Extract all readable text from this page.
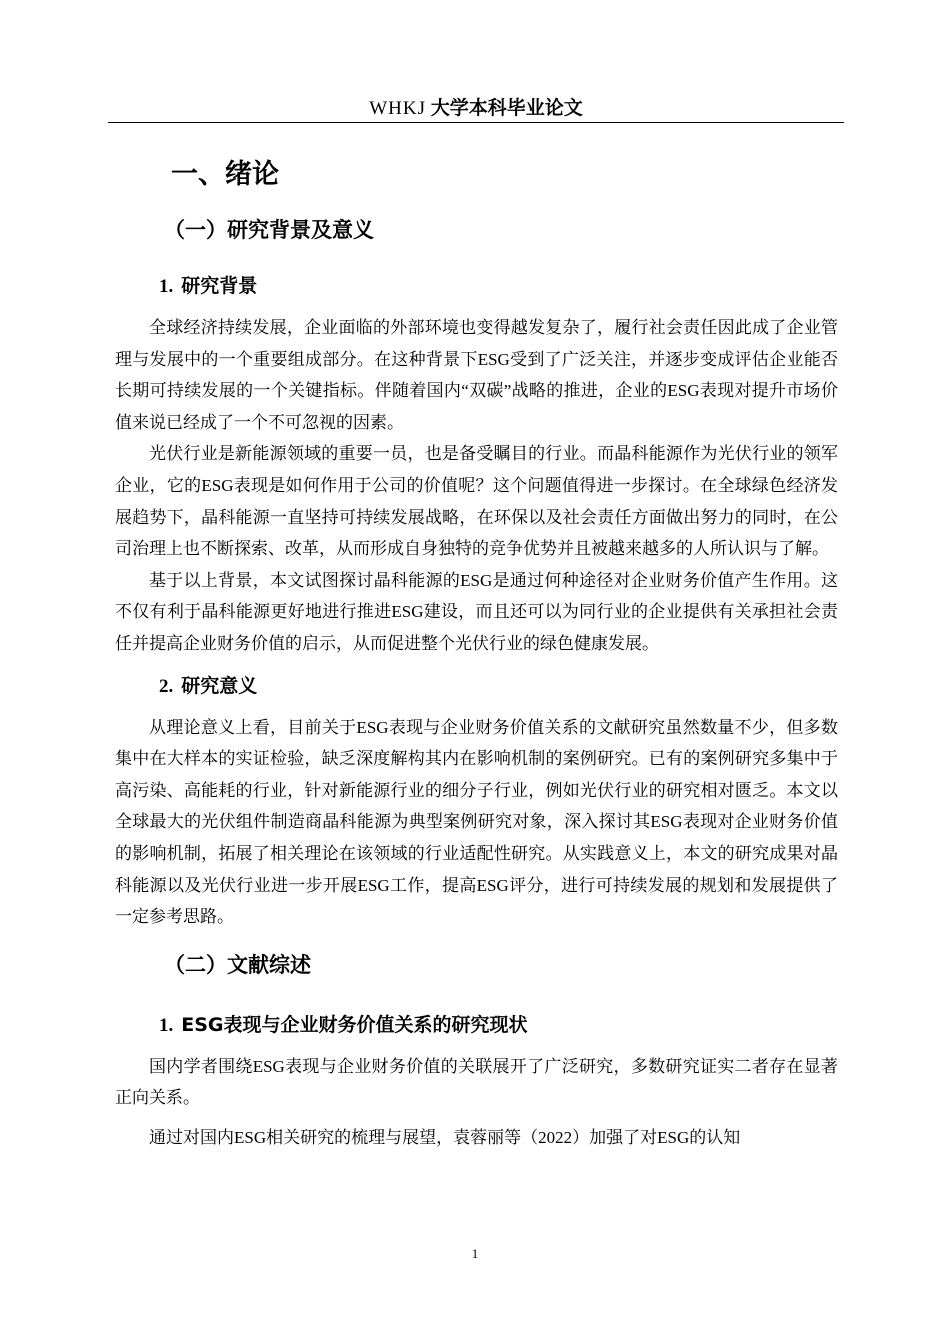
WHKJ 大学本科毕业论文
一、绪论
（一）研究背景及意义
1. 研究背景

全球经济持续发展，企业面临的外部环境也变得越发复杂了，履行社会责任因此成了企业管理与发展中的一个重要组成部分。在这种背景下ESG受到了广泛关注，并逐步变成评估企业能否长期可持续发展的一个关键指标。伴随着国内“双碳”战略的推进，企业的ESG表现对提升市场价值来说已经成了一个不可忽视的因素。

光伏行业是新能源领域的重要一员，也是备受瞩目的行业。而晶科能源作为光伏行业的领军企业，它的ESG表现是如何作用于公司的价值呢？这个问题值得进一步探讨。在全球绿色经济发展趋势下，晶科能源一直坚持可持续发展战略，在环保以及社会责任方面做出努力的同时，在公司治理上也不断探索、改革，从而形成自身独特的竞争优势并且被越来越多的人所认识与了解。

基于以上背景，本文试图探讨晶科能源的ESG是通过何种途径对企业财务价值产生作用。这不仅有利于晶科能源更好地进行推进ESG建设，而且还可以为同行业的企业提供有关承担社会责任并提高企业财务价值的启示，从而促进整个光伏行业的绿色健康发展。

2. 研究意义

从理论意义上看，目前关于ESG表现与企业财务价值关系的文献研究虽然数量不少，但多数集中在大样本的实证检验，缺乏深度解构其内在影响机制的案例研究。已有的案例研究多集中于高污染、高能耗的行业，针对新能源行业的细分子行业，例如光伏行业的研究相对匮乏。本文以全球最大的光伏组件制造商晶科能源为典型案例研究对象，深入探讨其ESG表现对企业财务价值的影响机制，拓展了相关理论在该领域的行业适配性研究。从实践意义上，本文的研究成果对晶科能源以及光伏行业进一步开展ESG工作，提高ESG评分，进行可持续发展的规划和发展提供了一定参考思路。

（二）文献综述
1. ESG表现与企业财务价值关系的研究现状

国内学者围绕ESG表现与企业财务价值的关联展开了广泛研究，多数研究证实二者存在显著正向关系。

通过对国内ESG相关研究的梳理与展望，袁蓉丽等（2022）加强了对ESG的认知

1
